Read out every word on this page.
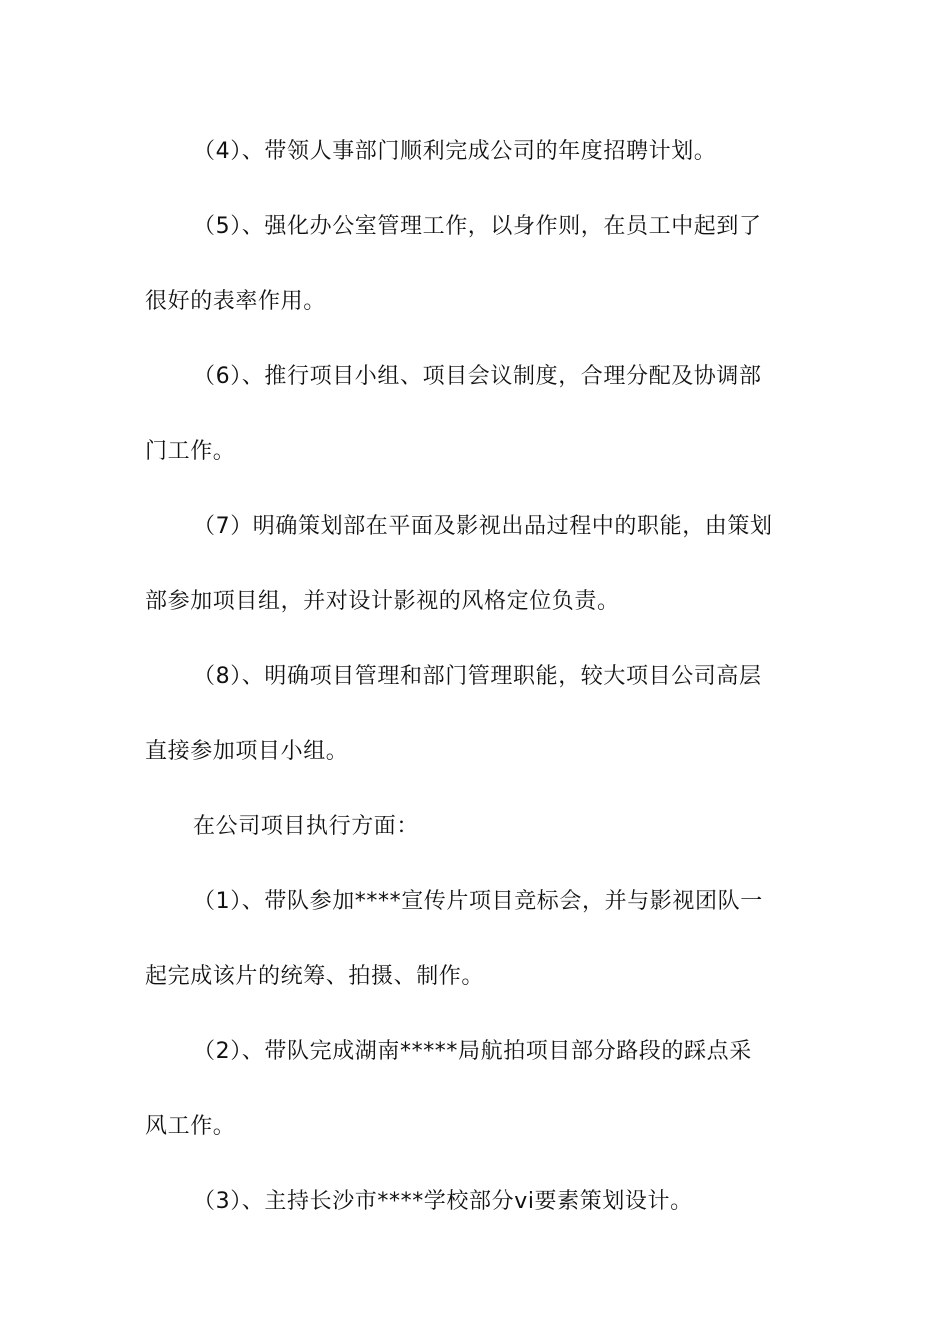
（4）、带领人事部门顺利完成公司的年度招聘计划。
（5）、强化办公室管理工作，以身作则，在员工中起到了
很好的表率作用。
（6）、推行项目小组、项目会议制度，合理分配及协调部
门工作。
（7）明确策划部在平面及影视出品过程中的职能，由策划
部参加项目组，并对设计影视的风格定位负责。
（8）、明确项目管理和部门管理职能，较大项目公司高层
直接参加项目小组。
在公司项目执行方面：
（1）、带队参加****宣传片项目竞标会，并与影视团队一
起完成该片的统筹、拍摄、制作。
（2）、带队完成湖南*****局航拍项目部分路段的踩点采
风工作。
（3）、主持长沙市****学校部分vi要素策划设计。
